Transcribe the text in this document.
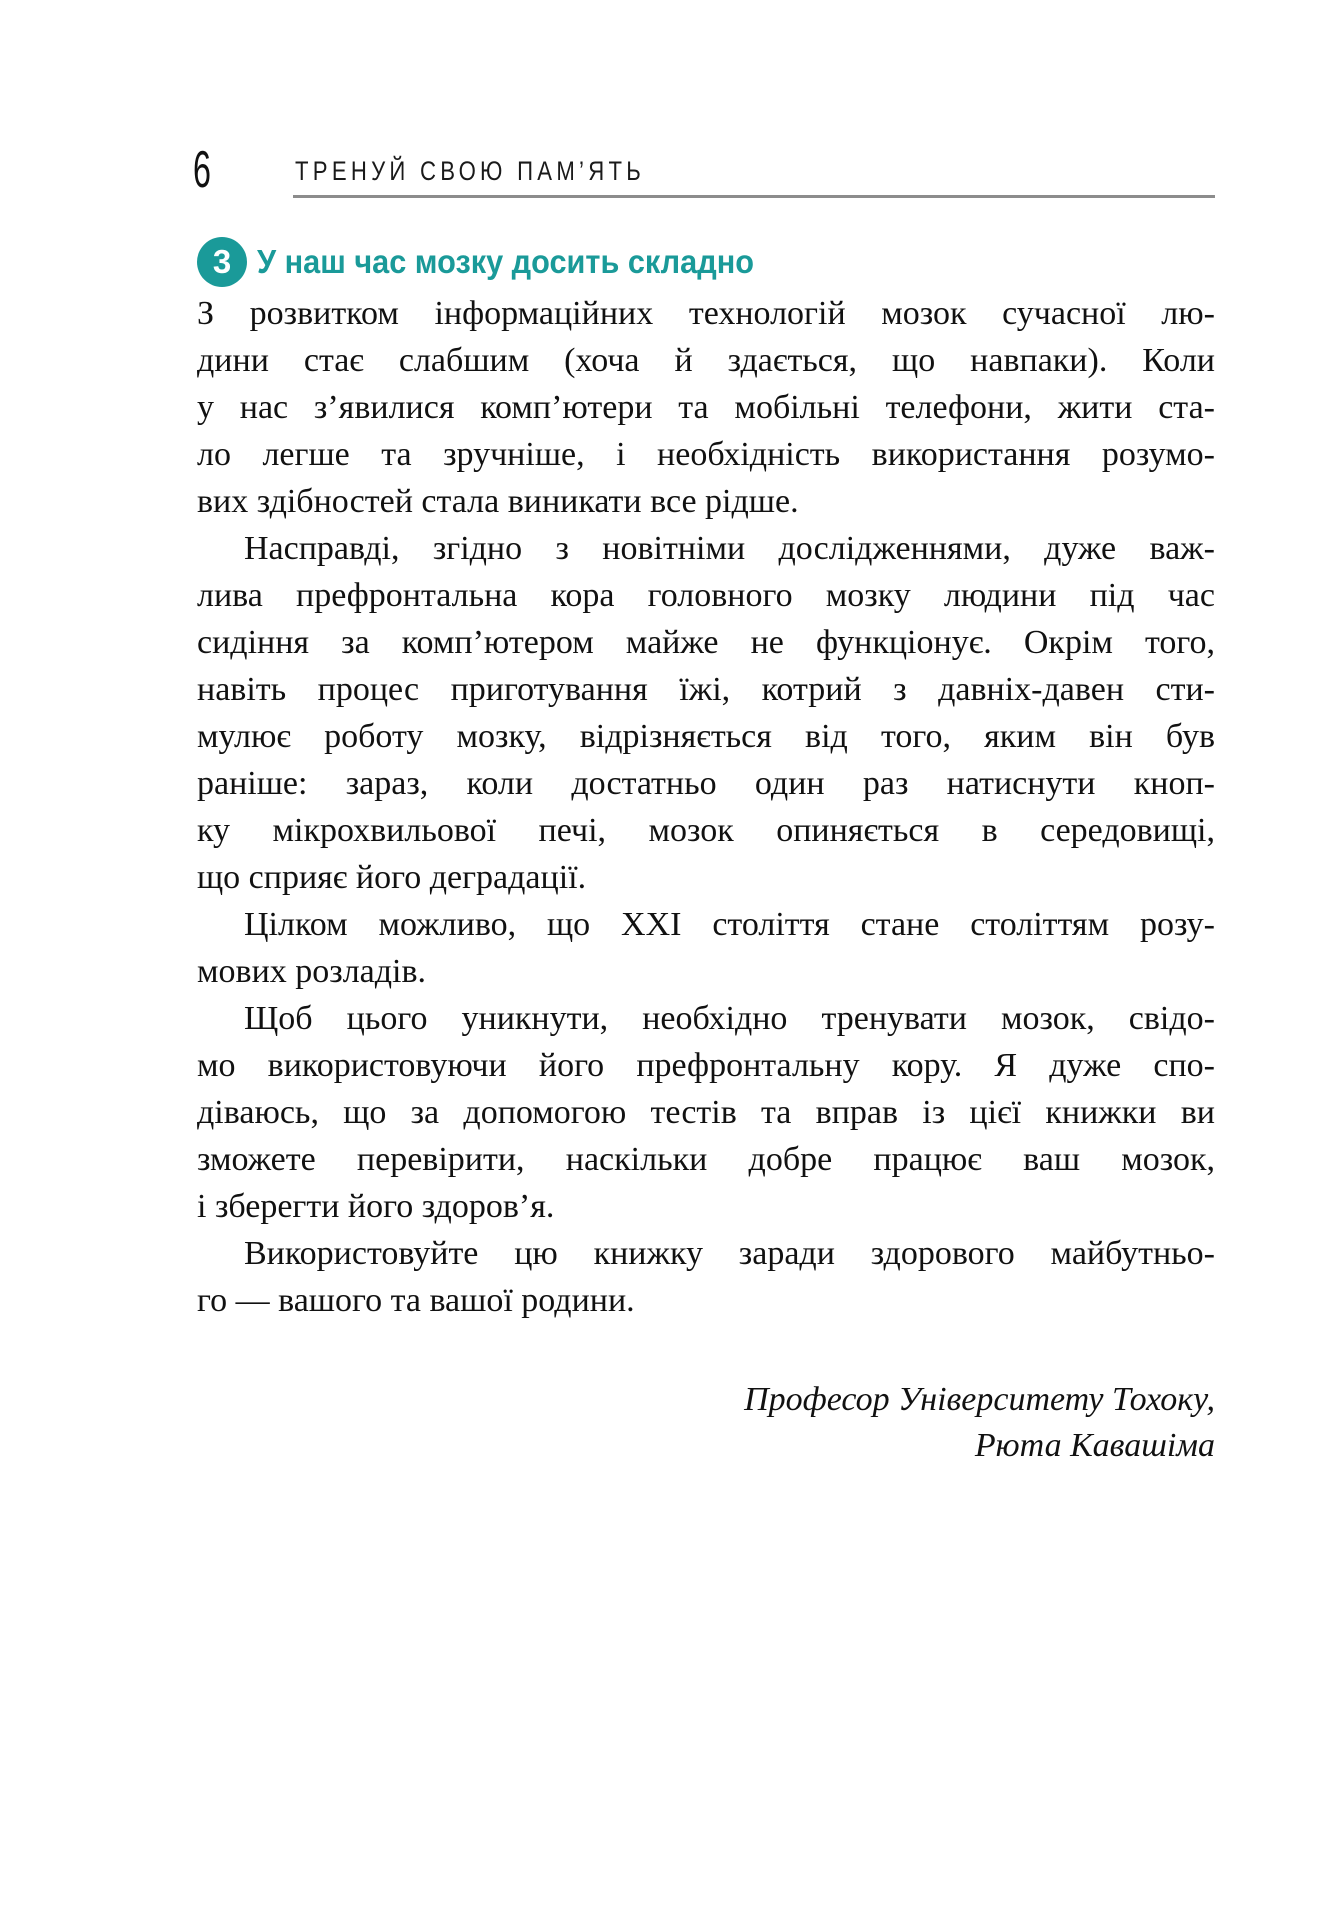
6	ТРЕНУЙ СВОЮ ПАМ’ЯТЬ
3 У наш час мозку досить складно
З розвитком інформаційних технологій мозок сучасної лю-
дини стає слабшим (хоча й здається, що навпаки). Коли
у нас з’явилися комп’ютери та мобільні телефони, жити ста-
ло легше та зручніше, і необхідність використання розумо-
вих здібностей стала виникати все рідше.
Насправді, згідно з новітніми дослідженнями, дуже важ-
лива префронтальна кора головного мозку людини під час
сидіння за комп’ютером майже не функціонує. Окрім того,
навіть процес приготування їжі, котрий з давніх-давен сти-
мулює роботу мозку, відрізняється від того, яким він був
раніше: зараз, коли достатньо один раз натиснути кноп-
ку мікрохвильової печі, мозок опиняється в середовищі,
що сприяє його деградації.
Цілком можливо, що XXI століття стане століттям розу-
мових розладів.
Щоб цього уникнути, необхідно тренувати мозок, свідо-
мо використовуючи його префронтальну кору. Я дуже спо-
діваюсь, що за допомогою тестів та вправ із цієї книжки ви
зможете перевірити, наскільки добре працює ваш мозок,
і зберегти його здоров’я.
Використовуйте цю книжку заради здорового майбутньо-
го — вашого та вашої родини.
Професор Університету Тохоку,
Рюта Кавашіма
